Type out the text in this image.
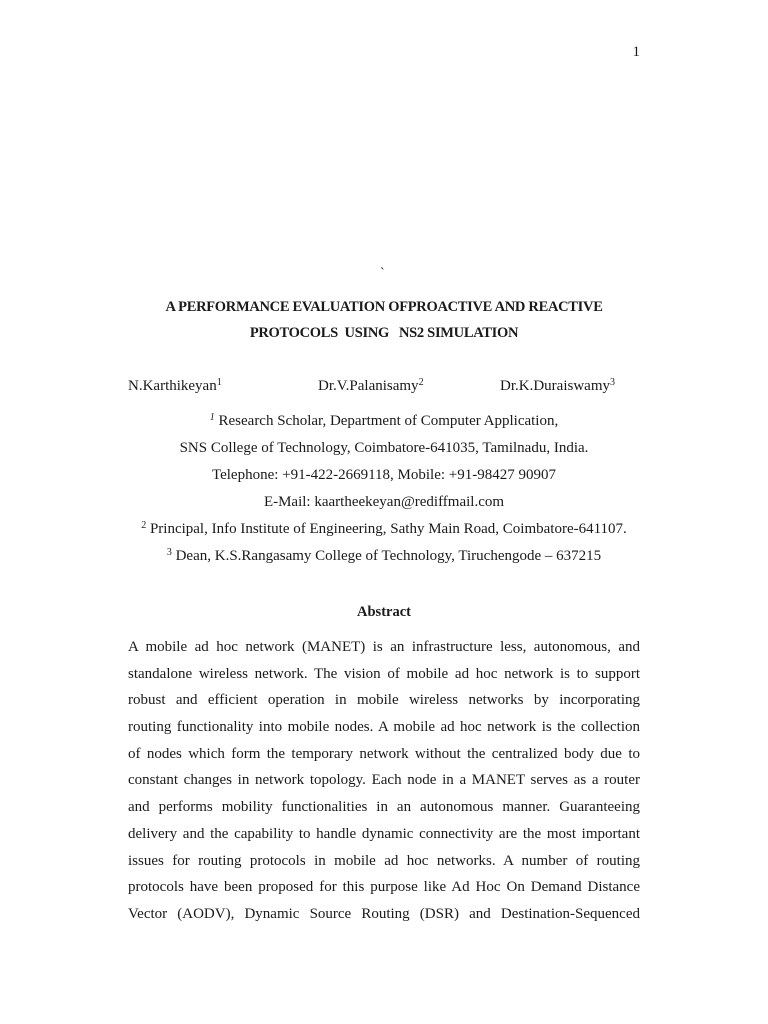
1
`
A PERFORMANCE EVALUATION OFPROACTIVE AND REACTIVE
PROTOCOLS  USING   NS2 SIMULATION
N.Karthikeyan$^1$	Dr.V.Palanisamy$^2$	Dr.K.Duraiswamy$^3$
$^1$ Research Scholar, Department of Computer Application,
SNS College of Technology, Coimbatore-641035, Tamilnadu, India.
Telephone: +91-422-2669118, Mobile: +91-98427 90907
E-Mail: kaartheekeyan@rediffmail.com
$^2$ Principal, Info Institute of Engineering, Sathy Main Road, Coimbatore-641107.
$^3$ Dean, K.S.Rangasamy College of Technology, Tiruchengode – 637215
Abstract
A mobile ad hoc network (MANET) is an infrastructure less, autonomous, and
standalone wireless network. The vision of mobile ad hoc network is to support
robust and efficient operation in mobile wireless networks by incorporating
routing functionality into mobile nodes. A mobile ad hoc network is the collection
of nodes which form the temporary network without the centralized body due to
constant changes in network topology. Each node in a MANET serves as a router
and performs mobility functionalities in an autonomous manner. Guaranteeing
delivery and the capability to handle dynamic connectivity are the most important
issues for routing protocols in mobile ad hoc networks. A number of routing
protocols have been proposed for this purpose like Ad Hoc On Demand Distance
Vector (AODV), Dynamic Source Routing (DSR) and Destination-Sequenced
